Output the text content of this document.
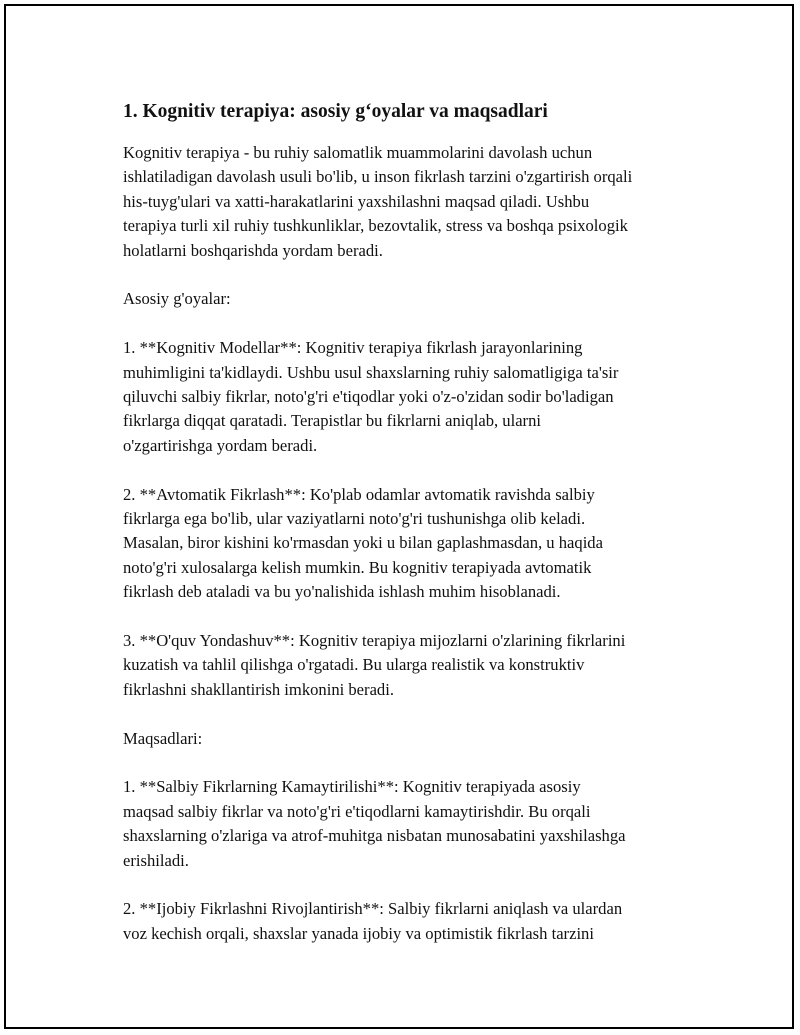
1. Kognitiv terapiya: asosiy g‘oyalar va maqsadlari

Kognitiv terapiya - bu ruhiy salomatlik muammolarini davolash uchun
ishlatiladigan davolash usuli bo'lib, u inson fikrlash tarzini o'zgartirish orqali
his-tuyg'ulari va xatti-harakatlarini yaxshilashni maqsad qiladi. Ushbu
terapiya turli xil ruhiy tushkunliklar, bezovtalik, stress va boshqa psixologik
holatlarni boshqarishda yordam beradi.

Asosiy g'oyalar:

1. **Kognitiv Modellar**: Kognitiv terapiya fikrlash jarayonlarining
muhimligini ta'kidlaydi. Ushbu usul shaxslarning ruhiy salomatligiga ta'sir
qiluvchi salbiy fikrlar, noto'g'ri e'tiqodlar yoki o'z-o'zidan sodir bo'ladigan
fikrlarga diqqat qaratadi. Terapistlar bu fikrlarni aniqlab, ularni
o'zgartirishga yordam beradi.

2. **Avtomatik Fikrlash**: Ko'plab odamlar avtomatik ravishda salbiy
fikrlarga ega bo'lib, ular vaziyatlarni noto'g'ri tushunishga olib keladi.
Masalan, biror kishini ko'rmasdan yoki u bilan gaplashmasdan, u haqida
noto'g'ri xulosalarga kelish mumkin. Bu kognitiv terapiyada avtomatik
fikrlash deb ataladi va bu yo'nalishida ishlash muhim hisoblanadi.

3. **O'quv Yondashuv**: Kognitiv terapiya mijozlarni o'zlarining fikrlarini
kuzatish va tahlil qilishga o'rgatadi. Bu ularga realistik va konstruktiv
fikrlashni shakllantirish imkonini beradi.

Maqsadlari:

1. **Salbiy Fikrlarning Kamaytirilishi**: Kognitiv terapiyada asosiy
maqsad salbiy fikrlar va noto'g'ri e'tiqodlarni kamaytirishdir. Bu orqali
shaxslarning o'zlariga va atrof-muhitga nisbatan munosabatini yaxshilashga
erishiladi.

2. **Ijobiy Fikrlashni Rivojlantirish**: Salbiy fikrlarni aniqlash va ulardan
voz kechish orqali, shaxslar yanada ijobiy va optimistik fikrlash tarzini
